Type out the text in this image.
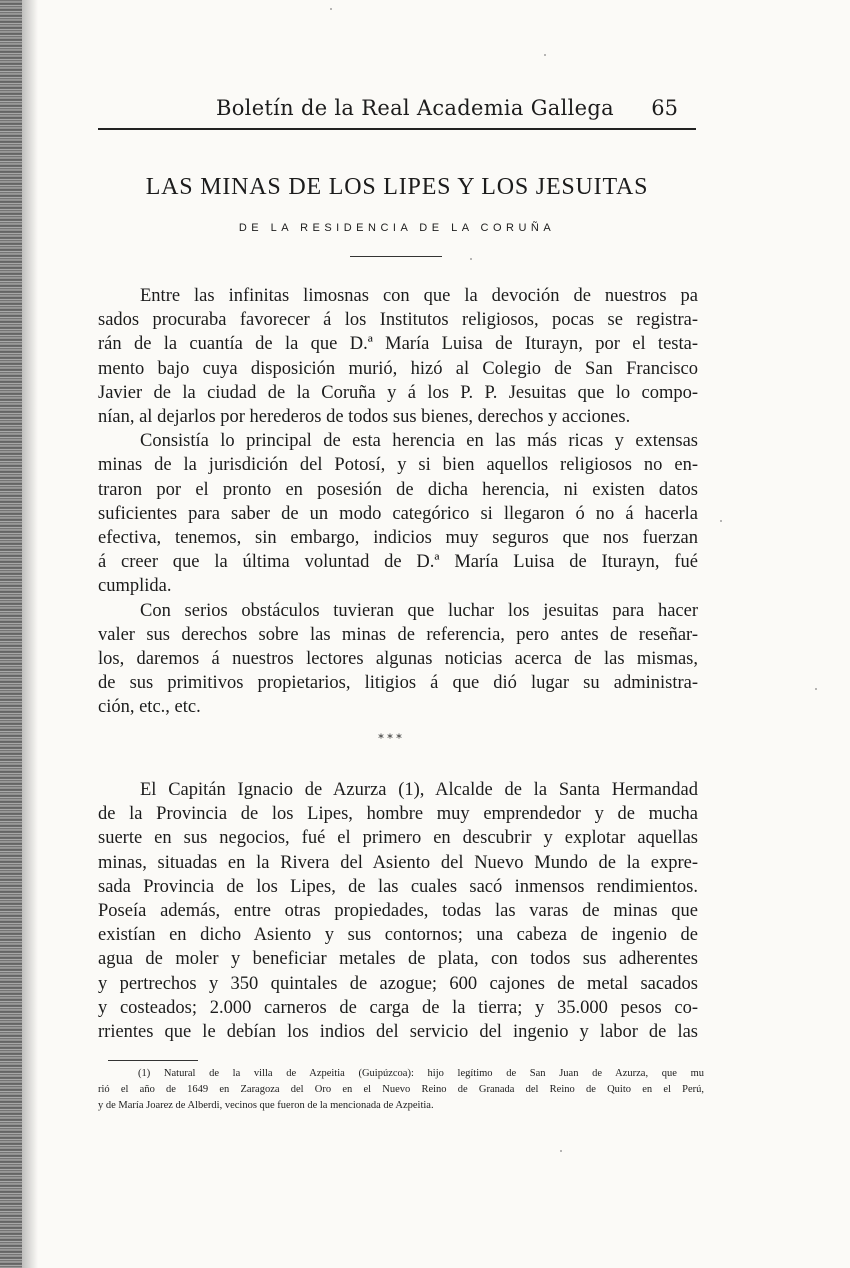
Boletín de la Real Academia Gallega 65
LAS MINAS DE LOS LIPES Y LOS JESUITAS
DE LA RESIDENCIA DE LA CORUÑA
Entre las infinitas limosnas con que la devoción de nuestros pa
sados procuraba favorecer á los Institutos religiosos, pocas se registra-
rán de la cuantía de la que D.ª María Luisa de Iturayn, por el testa-
mento bajo cuya disposición murió, hizó al Colegio de San Francisco
Javier de la ciudad de la Coruña y á los P. P. Jesuitas que lo compo-
nían, al dejarlos por herederos de todos sus bienes, derechos y acciones.
Consistía lo principal de esta herencia en las más ricas y extensas
minas de la jurisdición del Potosí, y si bien aquellos religiosos no en-
traron por el pronto en posesión de dicha herencia, ni existen datos
suficientes para saber de un modo categórico si llegaron ó no á hacerla
efectiva, tenemos, sin embargo, indicios muy seguros que nos fuerzan
á creer que la última voluntad de D.ª María Luisa de Iturayn, fué
cumplida.
Con serios obstáculos tuvieran que luchar los jesuitas para hacer
valer sus derechos sobre las minas de referencia, pero antes de reseñar-
los, daremos á nuestros lectores algunas noticias acerca de las mismas,
de sus primitivos propietarios, litigios á que dió lugar su administra-
ción, etc., etc.
* * *
El Capitán Ignacio de Azurza (1), Alcalde de la Santa Hermandad
de la Provincia de los Lipes, hombre muy emprendedor y de mucha
suerte en sus negocios, fué el primero en descubrir y explotar aquellas
minas, situadas en la Rivera del Asiento del Nuevo Mundo de la expre-
sada Provincia de los Lipes, de las cuales sacó inmensos rendimientos.
Poseía además, entre otras propiedades, todas las varas de minas que
existían en dicho Asiento y sus contornos; una cabeza de ingenio de
agua de moler y beneficiar metales de plata, con todos sus adherentes
y pertrechos y 350 quintales de azogue; 600 cajones de metal sacados
y costeados; 2.000 carneros de carga de la tierra; y 35.000 pesos co-
rrientes que le debían los indios del servicio del ingenio y labor de las
(1) Natural de la villa de Azpeitia (Guipúzcoa): hijo legítimo de San Juan de Azurza, que mu
rió el año de 1649 en Zaragoza del Oro en el Nuevo Reino de Granada del Reino de Quito en el Perú,
y de María Joarez de Alberdi, vecinos que fueron de la mencionada de Azpeitia.
